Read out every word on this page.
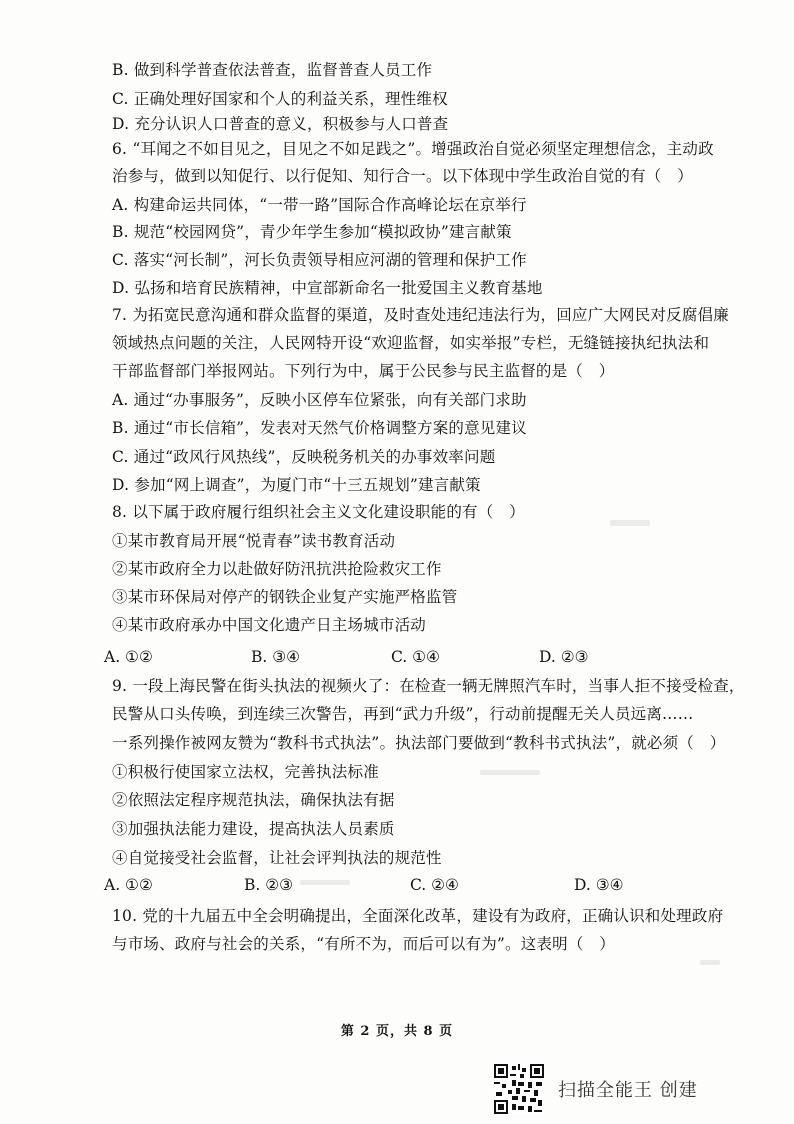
B. 做到科学普查依法普查，监督普查人员工作
C. 正确处理好国家和个人的利益关系，理性维权
D. 充分认识人口普查的意义，积极参与人口普查
6. “耳闻之不如目见之，目见之不如足践之”。增强政治自觉必须坚定理想信念，主动政
治参与，做到以知促行、以行促知、知行合一。以下体现中学生政治自觉的有（　）
A. 构建命运共同体，“一带一路”国际合作高峰论坛在京举行
B. 规范“校园网贷”，青少年学生参加“模拟政协”建言献策
C. 落实“河长制”，河长负责领导相应河湖的管理和保护工作
D. 弘扬和培育民族精神，中宣部新命名一批爱国主义教育基地
7. 为拓宽民意沟通和群众监督的渠道，及时查处违纪违法行为，回应广大网民对反腐倡廉
领域热点问题的关注，人民网特开设“欢迎监督，如实举报”专栏，无缝链接执纪执法和
干部监督部门举报网站。下列行为中，属于公民参与民主监督的是（　）
A. 通过“办事服务”，反映小区停车位紧张，向有关部门求助
B. 通过“市长信箱”，发表对天然气价格调整方案的意见建议
C. 通过“政风行风热线”，反映税务机关的办事效率问题
D. 参加“网上调查”，为厦门市“十三五规划”建言献策
8. 以下属于政府履行组织社会主义文化建设职能的有（　）
①某市教育局开展“悦青春”读书教育活动
②某市政府全力以赴做好防汛抗洪抢险救灾工作
③某市环保局对停产的钢铁企业复产实施严格监管
④某市政府承办中国文化遗产日主场城市活动
A. ①②	B. ③④	C. ①④	D. ②③
9. 一段上海民警在街头执法的视频火了：在检查一辆无牌照汽车时，当事人拒不接受检查，
民警从口头传唤，到连续三次警告，再到“武力升级”，行动前提醒无关人员远离……
一系列操作被网友赞为“教科书式执法”。执法部门要做到“教科书式执法”，就必须（　）
①积极行使国家立法权，完善执法标准
②依照法定程序规范执法，确保执法有据
③加强执法能力建设，提高执法人员素质
④自觉接受社会监督，让社会评判执法的规范性
A. ①②	B. ②③	C. ②④	D. ③④
10. 党的十九届五中全会明确提出，全面深化改革，建设有为政府，正确认识和处理政府
与市场、政府与社会的关系，“有所不为，而后可以有为”。这表明（　）
第 2 页，共 8 页
扫描全能王 创建
